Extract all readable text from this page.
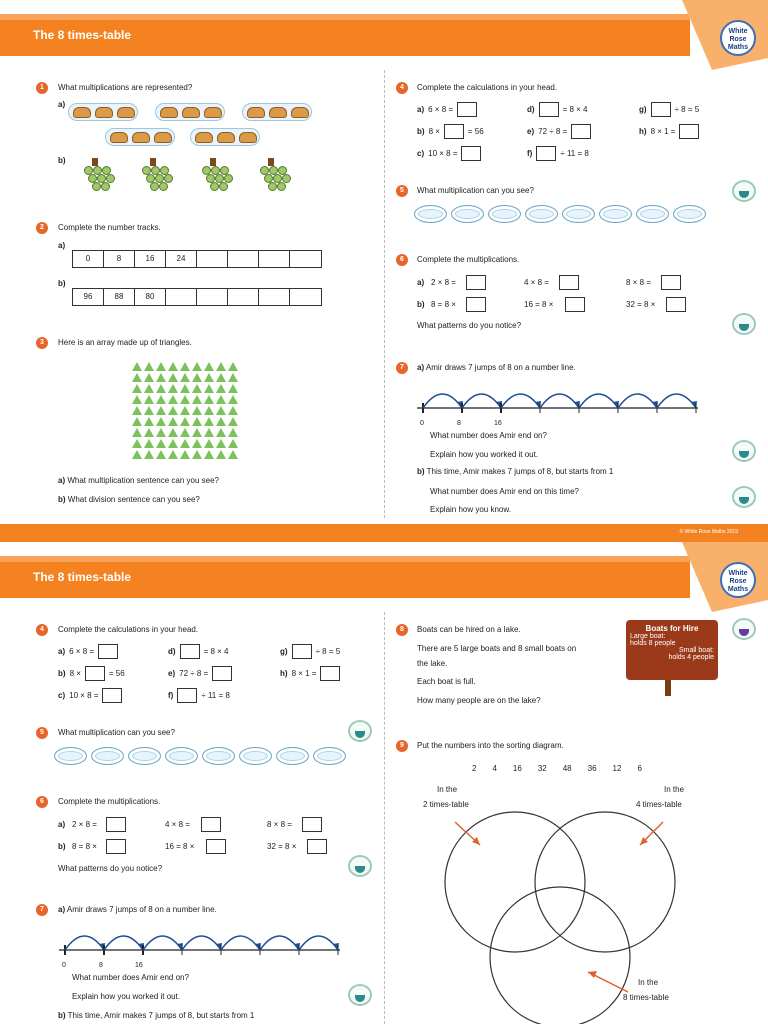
The 8 times-table	White
Rose
Maths
1	What multiplications are represented?
a)
b)
2	Complete the number tracks.
a)
0	8	16	24
b)
96	88	80
3	Here is an array made up of triangles.
a) What multiplication sentence can you see?
b) What division sentence can you see?
4	Complete the calculations in your head.
a) 6 × 8 =	d)	= 8 × 4	g)	÷ 8 = 5
b) 8 ×	= 56	e) 72 ÷ 8 =	h) 8 × 1 =
c) 10 × 8 =	f)	÷ 11 = 8
5	What multiplication can you see?
6	Complete the multiplications.
a) 2 × 8 =	4 × 8 =	8 × 8 =
b) 8 = 8 ×	16 = 8 ×	32 = 8 ×
What patterns do you notice?
7	a) Amir draws 7 jumps of 8 on a number line.
0	8	16
What number does Amir end on?
Explain how you worked it out.
b) This time, Amir makes 7 jumps of 8, but starts from 1
What number does Amir end on this time?
Explain how you know.
© White Rose Maths 2019
The 8 times-table	White
Rose
Maths
4	Complete the calculations in your head.
a) 6 × 8 =	d)	= 8 × 4	g)	÷ 8 = 5
b) 8 ×	= 56	e) 72 ÷ 8 =	h) 8 × 1 =
c) 10 × 8 =	f)	÷ 11 = 8
5	What multiplication can you see?
6	Complete the multiplications.
a) 2 × 8 =	4 × 8 =	8 × 8 =
b) 8 = 8 ×	16 = 8 ×	32 = 8 ×
What patterns do you notice?
7	a) Amir draws 7 jumps of 8 on a number line.
0	8	16
What number does Amir end on?
Explain how you worked it out.
b) This time, Amir makes 7 jumps of 8, but starts from 1
8	Boats can be hired on a lake.
There are 5 large boats and 8 small boats on
the lake.
Each boat is full.
How many people are on the lake?
Boats for Hire
Large boat:
holds 8 people
Small boat:
holds 4 people
9	Put the numbers into the sorting diagram.
2 4 16 32 48 36 12 6
In the
2 times-table
In the
4 times-table
In the
8 times-table
